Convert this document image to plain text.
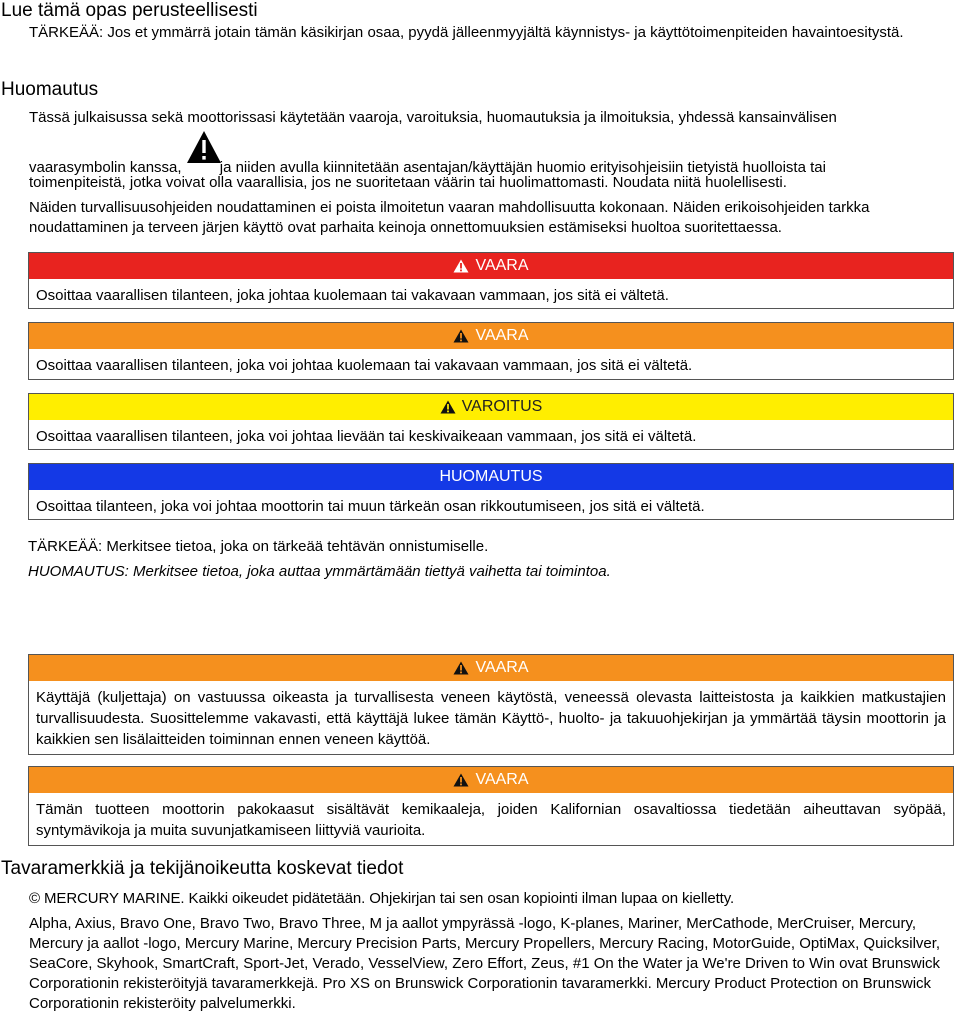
Lue tämä opas perusteellisesti
TÄRKEÄÄ: Jos et ymmärrä jotain tämän käsikirjan osaa, pyydä jälleenmyyjältä käynnistys- ja käyttötoimenpiteiden havaintoesitystä.
Huomautus
Tässä julkaisussa sekä moottorissasi käytetään vaaroja, varoituksia, huomautuksia ja ilmoituksia, yhdessä kansainvälisen
vaarasymbolin kanssa,	ja niiden avulla kiinnitetään asentajan/käyttäjän huomio erityisohjeisiin tietyistä huolloista tai
toimenpiteistä, jotka voivat olla vaarallisia, jos ne suoritetaan väärin tai huolimattomasti. Noudata niitä huolellisesti.
Näiden turvallisuusohjeiden noudattaminen ei poista ilmoitetun vaaran mahdollisuutta kokonaan. Näiden erikoisohjeiden tarkka noudattaminen ja terveen järjen käyttö ovat parhaita keinoja onnettomuuksien estämiseksi huoltoa suoritettaessa.
VAARA
Osoittaa vaarallisen tilanteen, joka johtaa kuolemaan tai vakavaan vammaan, jos sitä ei vältetä.
VAARA
Osoittaa vaarallisen tilanteen, joka voi johtaa kuolemaan tai vakavaan vammaan, jos sitä ei vältetä.
VAROITUS
Osoittaa vaarallisen tilanteen, joka voi johtaa lievään tai keskivaikeaan vammaan, jos sitä ei vältetä.
HUOMAUTUS
Osoittaa tilanteen, joka voi johtaa moottorin tai muun tärkeän osan rikkoutumiseen, jos sitä ei vältetä.
TÄRKEÄÄ: Merkitsee tietoa, joka on tärkeää tehtävän onnistumiselle.
HUOMAUTUS: Merkitsee tietoa, joka auttaa ymmärtämään tiettyä vaihetta tai toimintoa.
VAARA
Käyttäjä (kuljettaja) on vastuussa oikeasta ja turvallisesta veneen käytöstä, veneessä olevasta laitteistosta ja kaikkien matkustajien turvallisuudesta. Suosittelemme vakavasti, että käyttäjä lukee tämän Käyttö-, huolto- ja takuuohjekirjan ja ymmärtää täysin moottorin ja kaikkien sen lisälaitteiden toiminnan ennen veneen käyttöä.
VAARA
Tämän tuotteen moottorin pakokaasut sisältävät kemikaaleja, joiden Kalifornian osavaltiossa tiedetään aiheuttavan syöpää, syntymävikoja ja muita suvunjatkamiseen liittyviä vaurioita.
Tavaramerkkiä ja tekijänoikeutta koskevat tiedot
© MERCURY MARINE. Kaikki oikeudet pidätetään. Ohjekirjan tai sen osan kopiointi ilman lupaa on kielletty.
Alpha, Axius, Bravo One, Bravo Two, Bravo Three, M ja aallot ympyrässä -logo, K-planes, Mariner, MerCathode, MerCruiser, Mercury, Mercury ja aallot -logo, Mercury Marine, Mercury Precision Parts, Mercury Propellers, Mercury Racing, MotorGuide, OptiMax, Quicksilver, SeaCore, Skyhook, SmartCraft, Sport-Jet, Verado, VesselView, Zero Effort, Zeus, #1 On the Water ja We're Driven to Win ovat Brunswick Corporationin rekisteröityjä tavaramerkkejä. Pro XS on Brunswick Corporationin tavaramerkki. Mercury Product Protection on Brunswick Corporationin rekisteröity palvelumerkki.
